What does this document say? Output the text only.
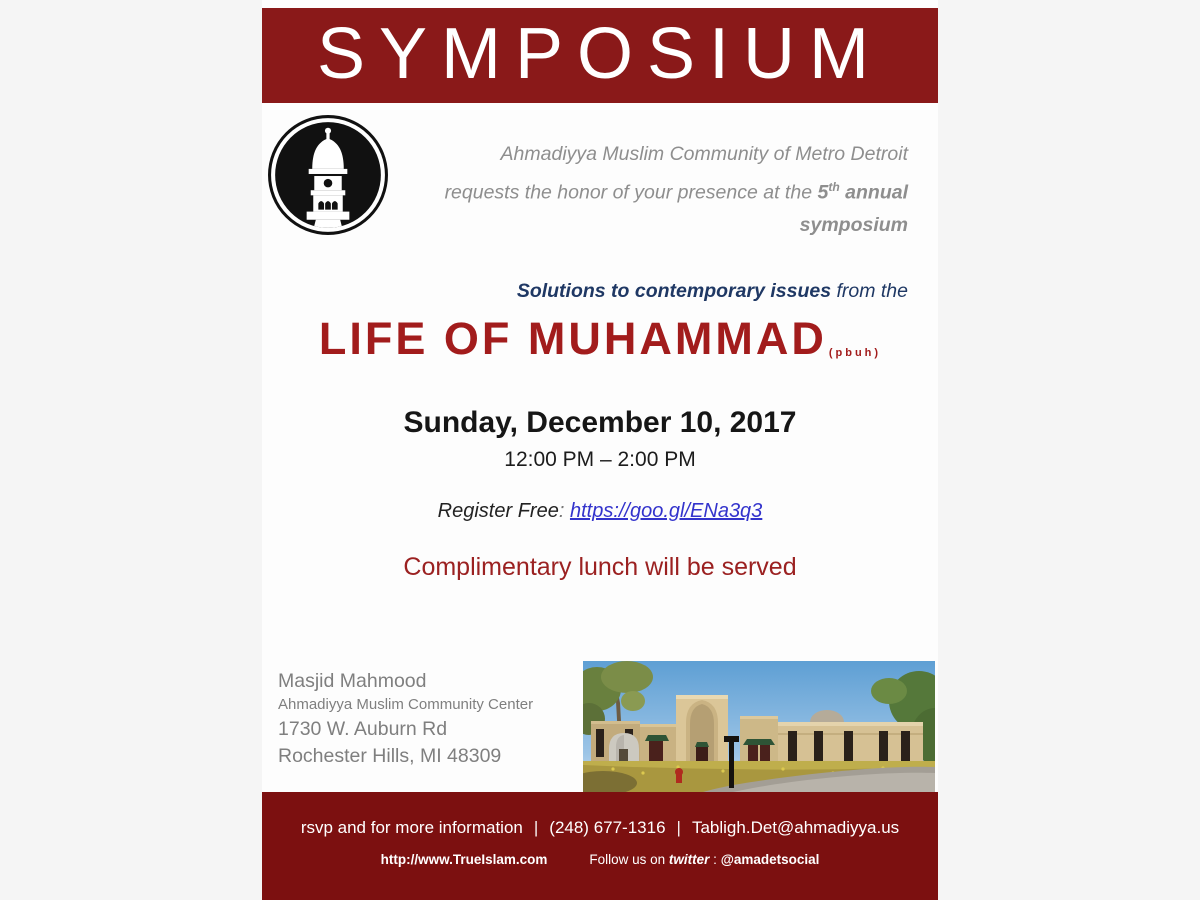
SYMPOSIUM
Ahmadiyya Muslim Community of Metro Detroit
requests the honor of your presence at the 5th annual
symposium
Solutions to contemporary issues from the
LIFE OF MUHAMMAD (pbuh)
Sunday, December 10, 2017
12:00 PM – 2:00 PM
Register Free: https://goo.gl/ENa3q3
Complimentary lunch will be served
Masjid Mahmood
Ahmadiyya Muslim Community Center
1730 W. Auburn Rd
Rochester Hills, MI 48309
rsvp and for more information | (248) 677-1316 | Tabligh.Det@ahmadiyya.us
http://www.TrueIslam.com	Follow us on twitter : @amadetsocial
